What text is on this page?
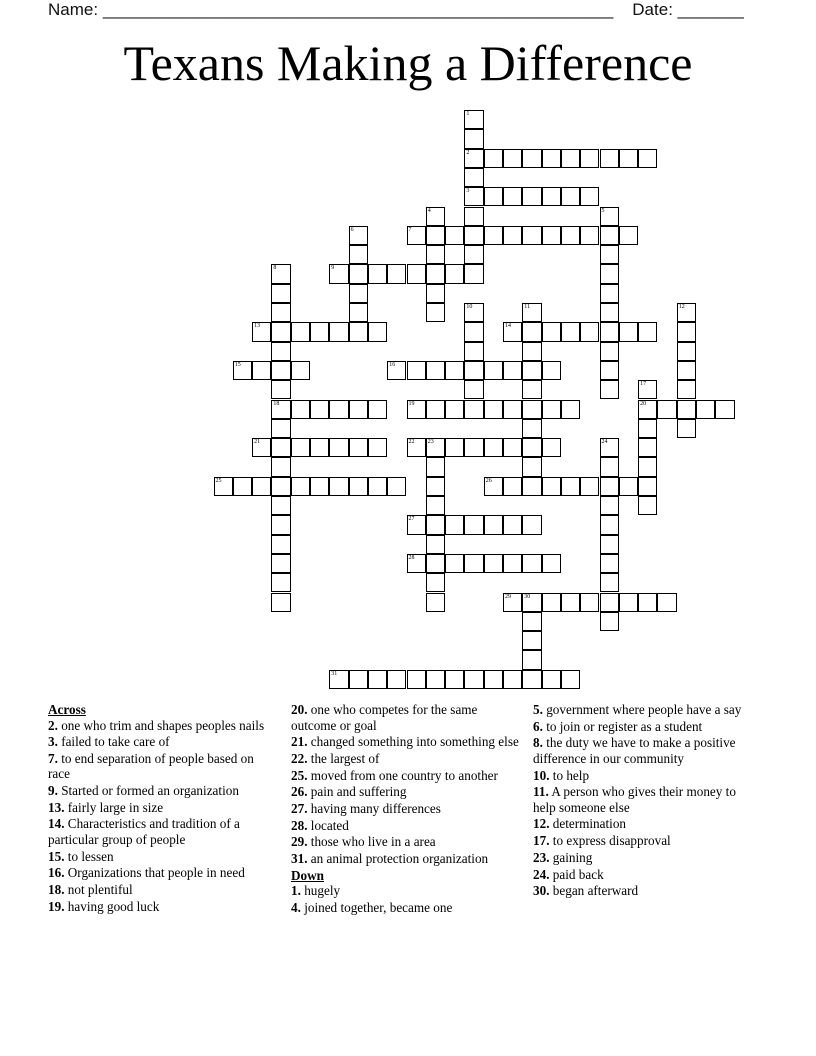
Name: ______________________________________________________ Date: _______
Texans Making a Difference
2
3
7
9
13	14
15	16
18	19	20
21	22 23
25	26
27
28
29 30
31
1
4	5
6
8
10	11	12
17
24
Across
2. one who trim and shapes peoples nails
3. failed to take care of
7. to end separation of people based on race
9. Started or formed an organization
13. fairly large in size
14. Characteristics and tradition of a particular group of people
15. to lessen
16. Organizations that people in need
18. not plentiful
19. having good luck
20. one who competes for the same outcome or goal
21. changed something into something else
22. the largest of
25. moved from one country to another
26. pain and suffering
27. having many differences
28. located
29. those who live in a area
31. an animal protection organization
Down
1. hugely
4. joined together, became one
5. government where people have a say
6. to join or register as a student
8. the duty we have to make a positive difference in our community
10. to help
11. A person who gives their money to help someone else
12. determination
17. to express disapproval
23. gaining
24. paid back
30. began afterward
